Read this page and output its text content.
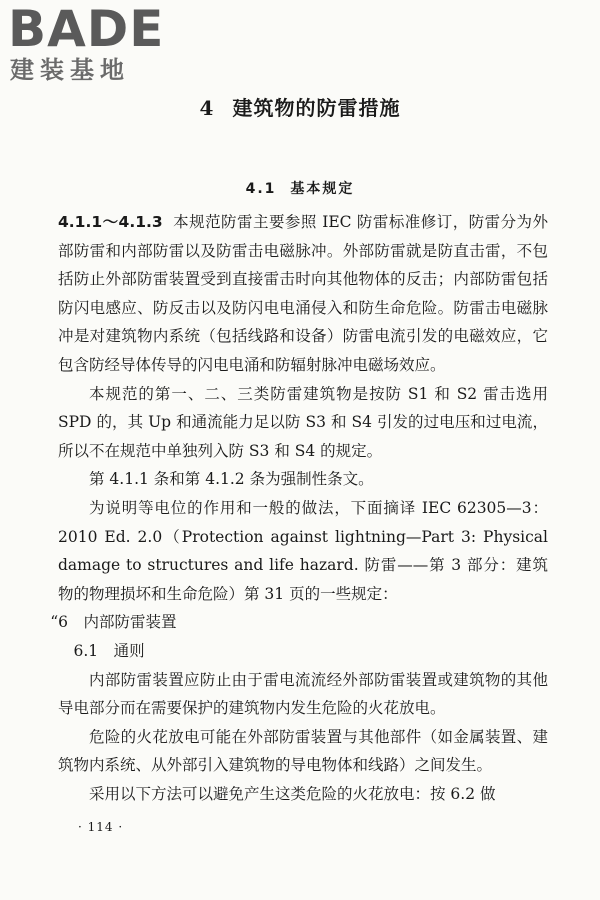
BADE
建装基地
4 建筑物的防雷措施
4.1 基本规定

4.1.1～4.1.3 本规范防雷主要参照 IEC 防雷标准修订，防雷分为外部防雷和内部防雷以及防雷击电磁脉冲。外部防雷就是防直击雷，不包括防止外部防雷装置受到直接雷击时向其他物体的反击；内部防雷包括防闪电感应、防反击以及防闪电电涌侵入和防生命危险。防雷击电磁脉冲是对建筑物内系统（包括线路和设备）防雷电流引发的电磁效应，它包含防经导体传导的闪电电涌和防辐射脉冲电磁场效应。

本规范的第一、二、三类防雷建筑物是按防 S1 和 S2 雷击选用 SPD 的，其 Up 和通流能力足以防 S3 和 S4 引发的过电压和过电流，所以不在规范中单独列入防 S3 和 S4 的规定。

第 4.1.1 条和第 4.1.2 条为强制性条文。

为说明等电位的作用和一般的做法，下面摘译 IEC 62305—3：2010 Ed. 2.0（Protection against lightning—Part 3: Physical damage to structures and life hazard. 防雷——第 3 部分：建筑物的物理损坏和生命危险）第 31 页的一些规定：

“6　内部防雷装置

6.1　通则

内部防雷装置应防止由于雷电流流经外部防雷装置或建筑物的其他导电部分而在需要保护的建筑物内发生危险的火花放电。

危险的火花放电可能在外部防雷装置与其他部件（如金属装置、建筑物内系统、从外部引入建筑物的导电物体和线路）之间发生。

采用以下方法可以避免产生这类危险的火花放电：按 6.2 做

· 114 ·
